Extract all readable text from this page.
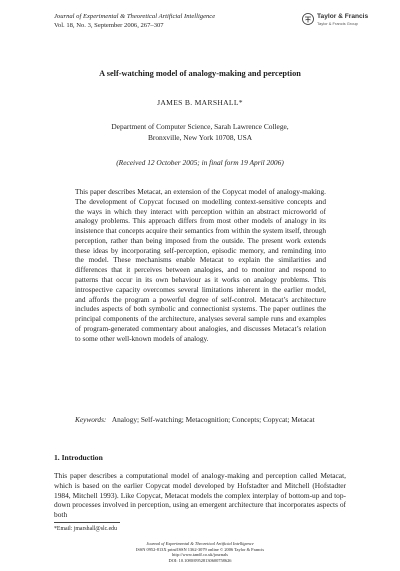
Journal of Experimental & Theoretical Artificial Intelligence
Vol. 18, No. 3, September 2006, 267–307
Taylor & Francis
Taylor & Francis Group
A self-watching model of analogy-making and perception
JAMES B. MARSHALL*
Department of Computer Science, Sarah Lawrence College,
Bronxville, New York 10708, USA
(Received 12 October 2005; in final form 19 April 2006)
This paper describes Metacat, an extension of the Copycat model of analogy-making. The development of Copycat focused on modelling context-sensitive concepts and the ways in which they interact with perception within an abstract microworld of analogy problems. This approach differs from most other models of analogy in its insistence that concepts acquire their semantics from within the system itself, through perception, rather than being imposed from the outside. The present work extends these ideas by incorporating self-perception, episodic memory, and reminding into the model. These mechanisms enable Metacat to explain the similarities and differences that it perceives between analogies, and to monitor and respond to patterns that occur in its own behaviour as it works on analogy problems. This introspective capacity overcomes several limitations inherent in the earlier model, and affords the program a powerful degree of self-control. Metacat’s architecture includes aspects of both symbolic and connectionist systems. The paper outlines the principal components of the architecture, analyses several sample runs and examples of program-generated commentary about analogies, and discusses Metacat’s relation to some other well-known models of analogy.
Keywords: Analogy; Self-watching; Metacognition; Concepts; Copycat; Metacat
1. Introduction
This paper describes a computational model of analogy-making and perception called Metacat, which is based on the earlier Copycat model developed by Hofstadter and Mitchell (Hofstadter 1984, Mitchell 1993). Like Copycat, Metacat models the complex interplay of bottom-up and top-down processes involved in perception, using an emergent architecture that incorporates aspects of both
*Email: jmarshall@slc.edu
Journal of Experimental & Theoretical Artificial Intelligence
ISSN 0952-813X print/ISSN 1362-3079 online © 2006 Taylor & Francis
http://www.tandf.co.uk/journals
DOI: 10.1080/09528130600758626
